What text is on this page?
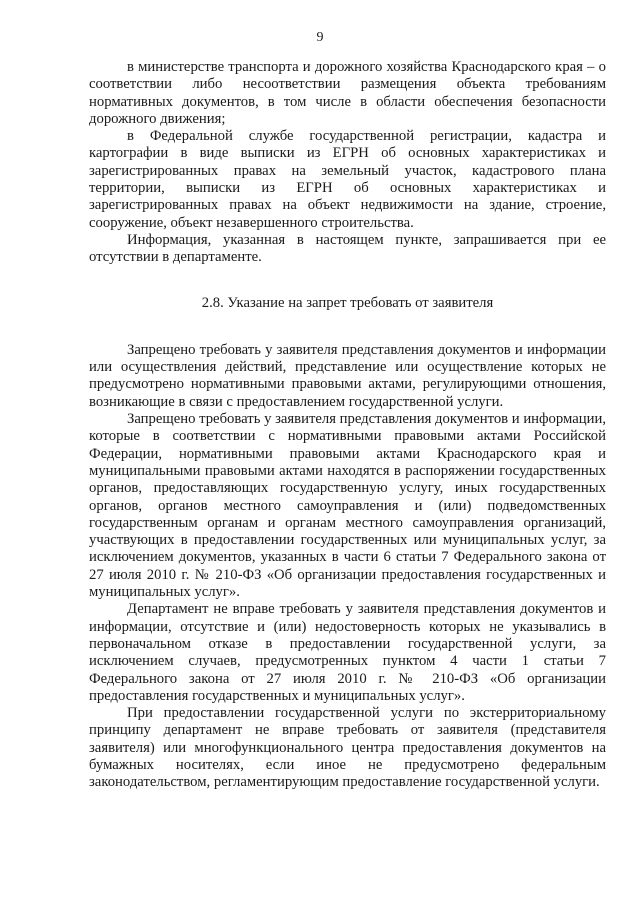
9

в министерстве транспорта и дорожного хозяйства Краснодарского края – о соответствии либо несоответствии размещения объекта требованиям нормативных документов, в том числе в области обеспечения безопасности дорожного движения;

в Федеральной службе государственной регистрации, кадастра и картографии в виде выписки из ЕГРН об основных характеристиках и зарегистрированных правах на земельный участок, кадастрового плана территории, выписки из ЕГРН об основных характеристиках и зарегистрированных правах на объект недвижимости на здание, строение, сооружение, объект незавершенного строительства.

Информация, указанная в настоящем пункте, запрашивается при ее отсутствии в департаменте.

2.8. Указание на запрет требовать от заявителя

Запрещено требовать у заявителя представления документов и информации или осуществления действий, представление или осуществление которых не предусмотрено нормативными правовыми актами, регулирующими отношения, возникающие в связи с предоставлением государственной услуги.

Запрещено требовать у заявителя представления документов и информации, которые в соответствии с нормативными правовыми актами Российской Федерации, нормативными правовыми актами Краснодарского края и муниципальными правовыми актами находятся в распоряжении государственных органов, предоставляющих государственную услугу, иных государственных органов, органов местного самоуправления и (или) подведомственных государственным органам и органам местного самоуправления организаций, участвующих в предоставлении государственных или муниципальных услуг, за исключением документов, указанных в части 6 статьи 7 Федерального закона от 27 июля 2010 г. № 210-ФЗ «Об организации предоставления государственных и муниципальных услуг».

Департамент не вправе требовать у заявителя представления документов и информации, отсутствие и (или) недостоверность которых не указывались в первоначальном отказе в предоставлении государственной услуги, за исключением случаев, предусмотренных пунктом 4 части 1 статьи 7 Федерального закона от 27 июля 2010 г. № 210-ФЗ «Об организации предоставления государственных и муниципальных услуг».

При предоставлении государственной услуги по экстерриториальному принципу департамент не вправе требовать от заявителя (представителя заявителя) или многофункционального центра предоставления документов на бумажных носителях, если иное не предусмотрено федеральным законодательством, регламентирующим предоставление государственной услуги.
